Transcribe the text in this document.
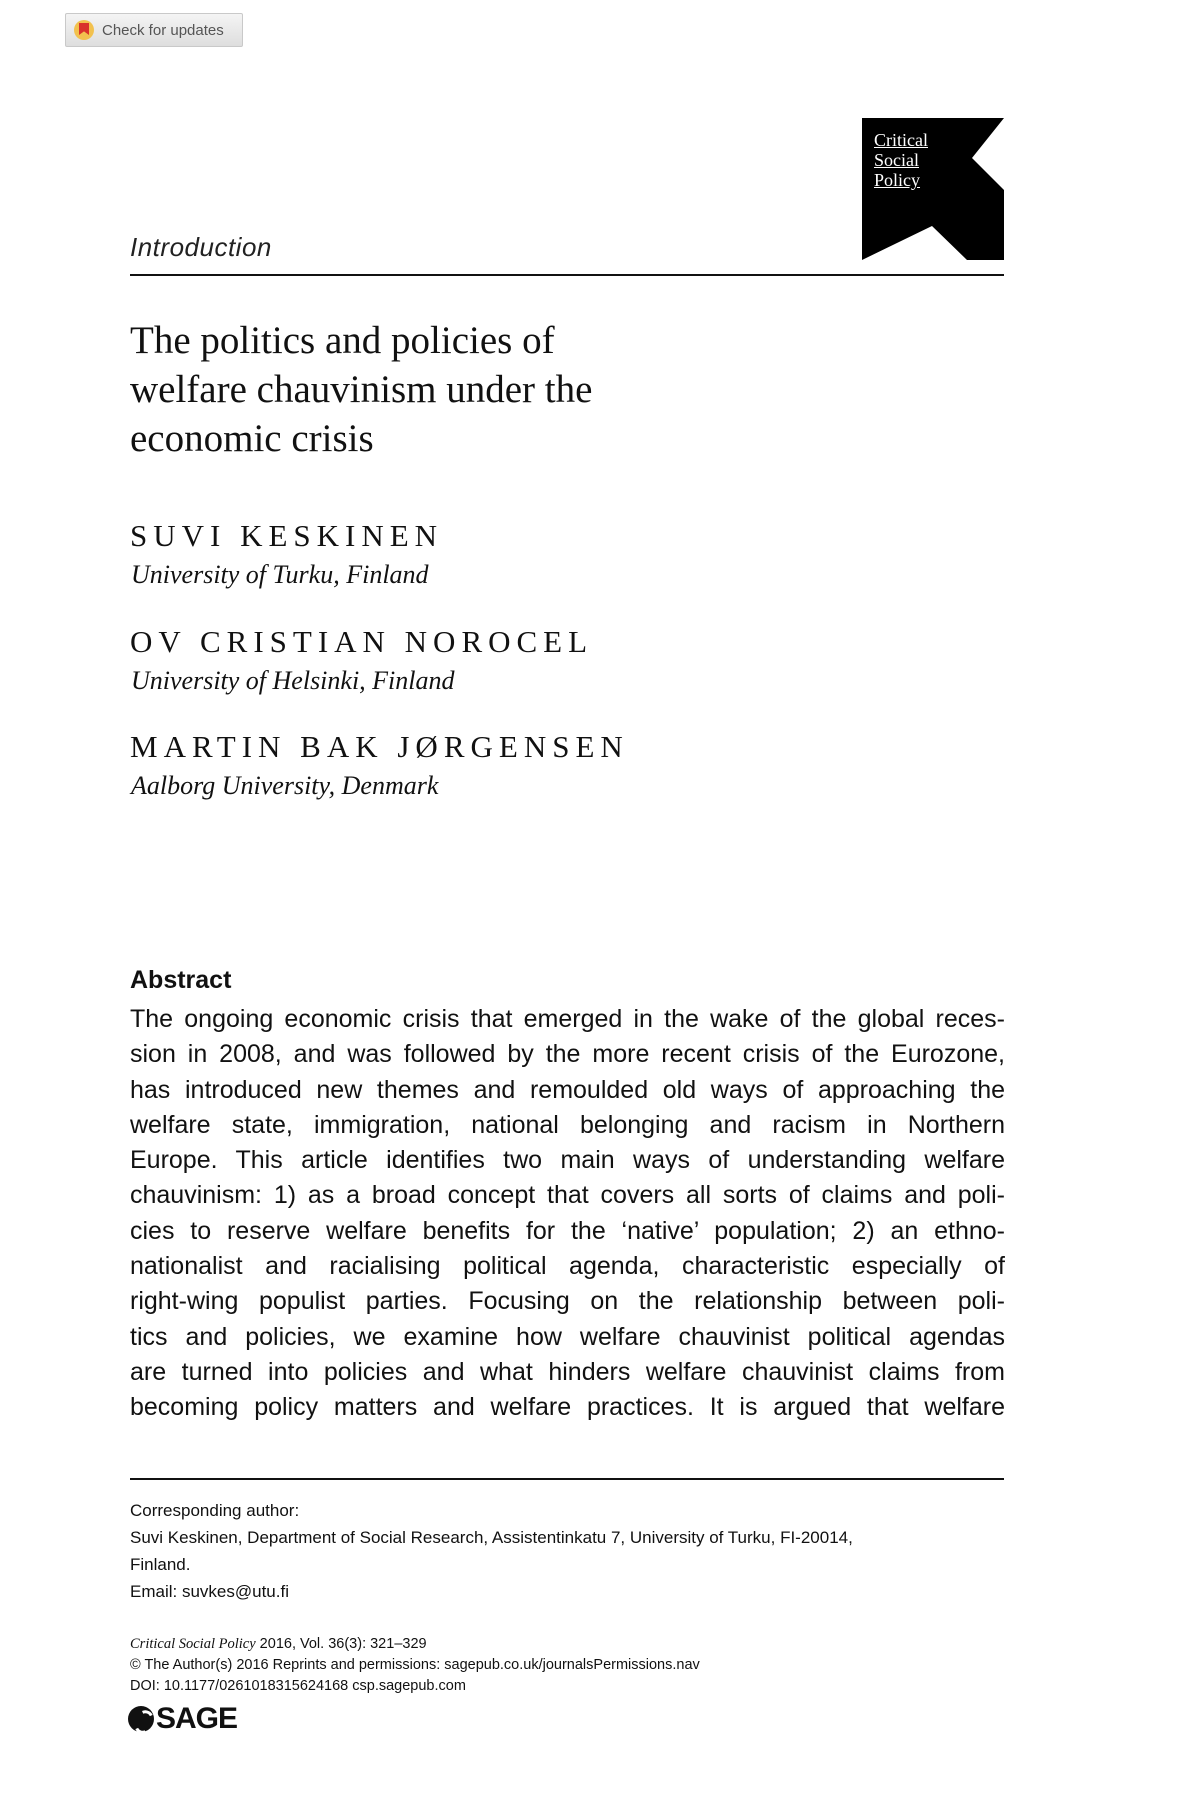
Check for updates
Critical
Social
Policy
Introduction
The politics and policies of
welfare chauvinism under the
economic crisis
SUVI KESKINEN
University of Turku, Finland
OV CRISTIAN NOROCEL
University of Helsinki, Finland
MARTIN BAK JØRGENSEN
Aalborg University, Denmark
Abstract
The ongoing economic crisis that emerged in the wake of the global reces-
sion in 2008, and was followed by the more recent crisis of the Eurozone,
has introduced new themes and remoulded old ways of approaching the
welfare state, immigration, national belonging and racism in Northern
Europe. This article identifies two main ways of understanding welfare
chauvinism: 1) as a broad concept that covers all sorts of claims and poli-
cies to reserve welfare benefits for the ‘native’ population; 2) an ethno-
nationalist and racialising political agenda, characteristic especially of
right-wing populist parties. Focusing on the relationship between poli-
tics and policies, we examine how welfare chauvinist political agendas
are turned into policies and what hinders welfare chauvinist claims from
becoming policy matters and welfare practices. It is argued that welfare
Corresponding author:
Suvi Keskinen, Department of Social Research, Assistentinkatu 7, University of Turku, FI-20014,
Finland.
Email: suvkes@utu.fi
Critical Social Policy 2016, Vol. 36(3): 321–329
© The Author(s) 2016 Reprints and permissions: sagepub.co.uk/journalsPermissions.nav
DOI: 10.1177/0261018315624168 csp.sagepub.com
SAGE
